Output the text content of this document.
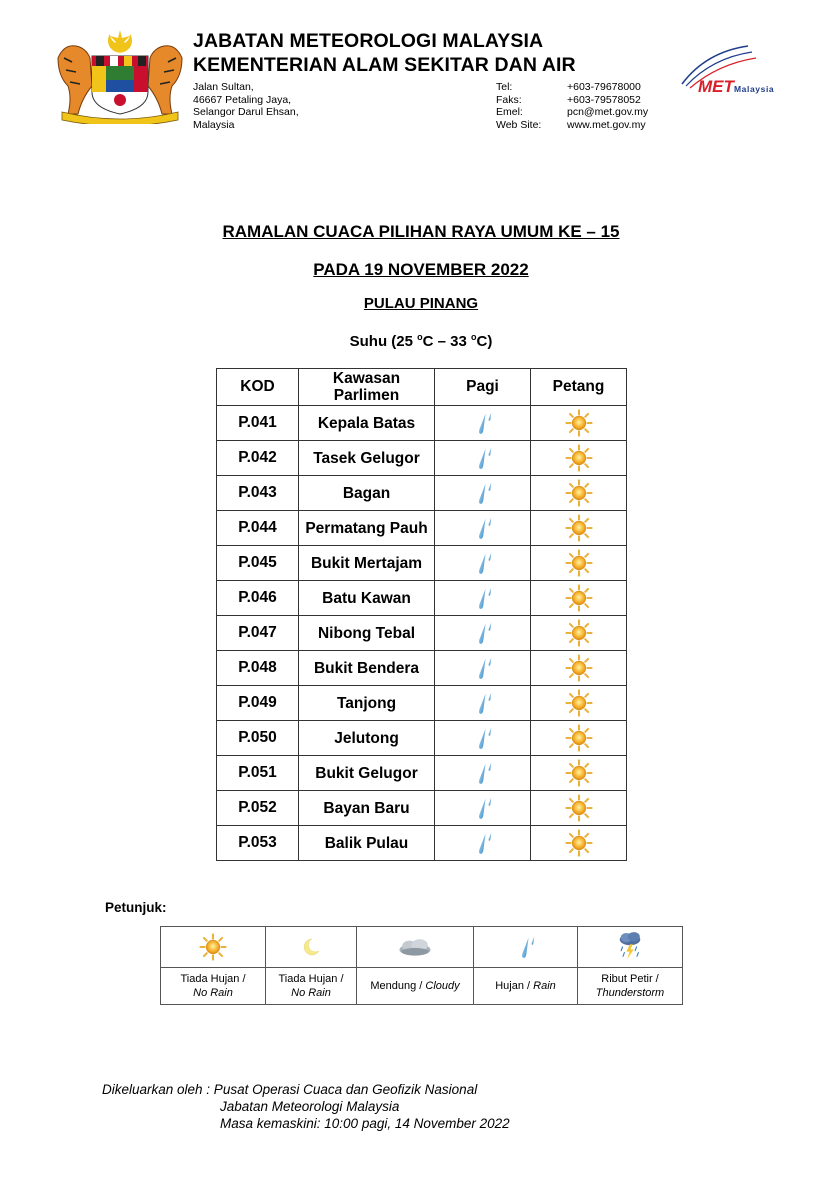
JABATAN METEOROLOGI MALAYSIA
KEMENTERIAN ALAM SEKITAR DAN AIR
Jalan Sultan,
46667 Petaling Jaya,
Selangor Darul Ehsan,
Malaysia
Tel:	+603-79678000
Faks:	+603-79578052
Emel:	pcn@met.gov.my
Web Site:	www.met.gov.my
MET Malaysia
RAMALAN CUACA PILIHAN RAYA UMUM KE – 15
PADA 19 NOVEMBER 2022
PULAU PINANG
Suhu (25 $^o$C – 33 $^o$C)
KOD	Kawasan Parlimen	Pagi	Petang
P.041	Kepala Batas		
P.042	Tasek Gelugor		
P.043	Bagan		
P.044	Permatang Pauh		
P.045	Bukit Mertajam		
P.046	Batu Kawan		
P.047	Nibong Tebal		
P.048	Bukit Bendera		
P.049	Tanjong		
P.050	Jelutong		
P.051	Bukit Gelugor		
P.052	Bayan Baru		
P.053	Balik Pulau		
Petunjuk:

Tiada Hujan /
No Rain	Tiada Hujan /
No Rain	Mendung / Cloudy	Hujan / Rain	Ribut Petir /
Thunderstorm
Dikeluarkan oleh : Pusat Operasi Cuaca dan Geofizik Nasional
Jabatan Meteorologi Malaysia
Masa kemaskini: 10:00 pagi, 14 November 2022
